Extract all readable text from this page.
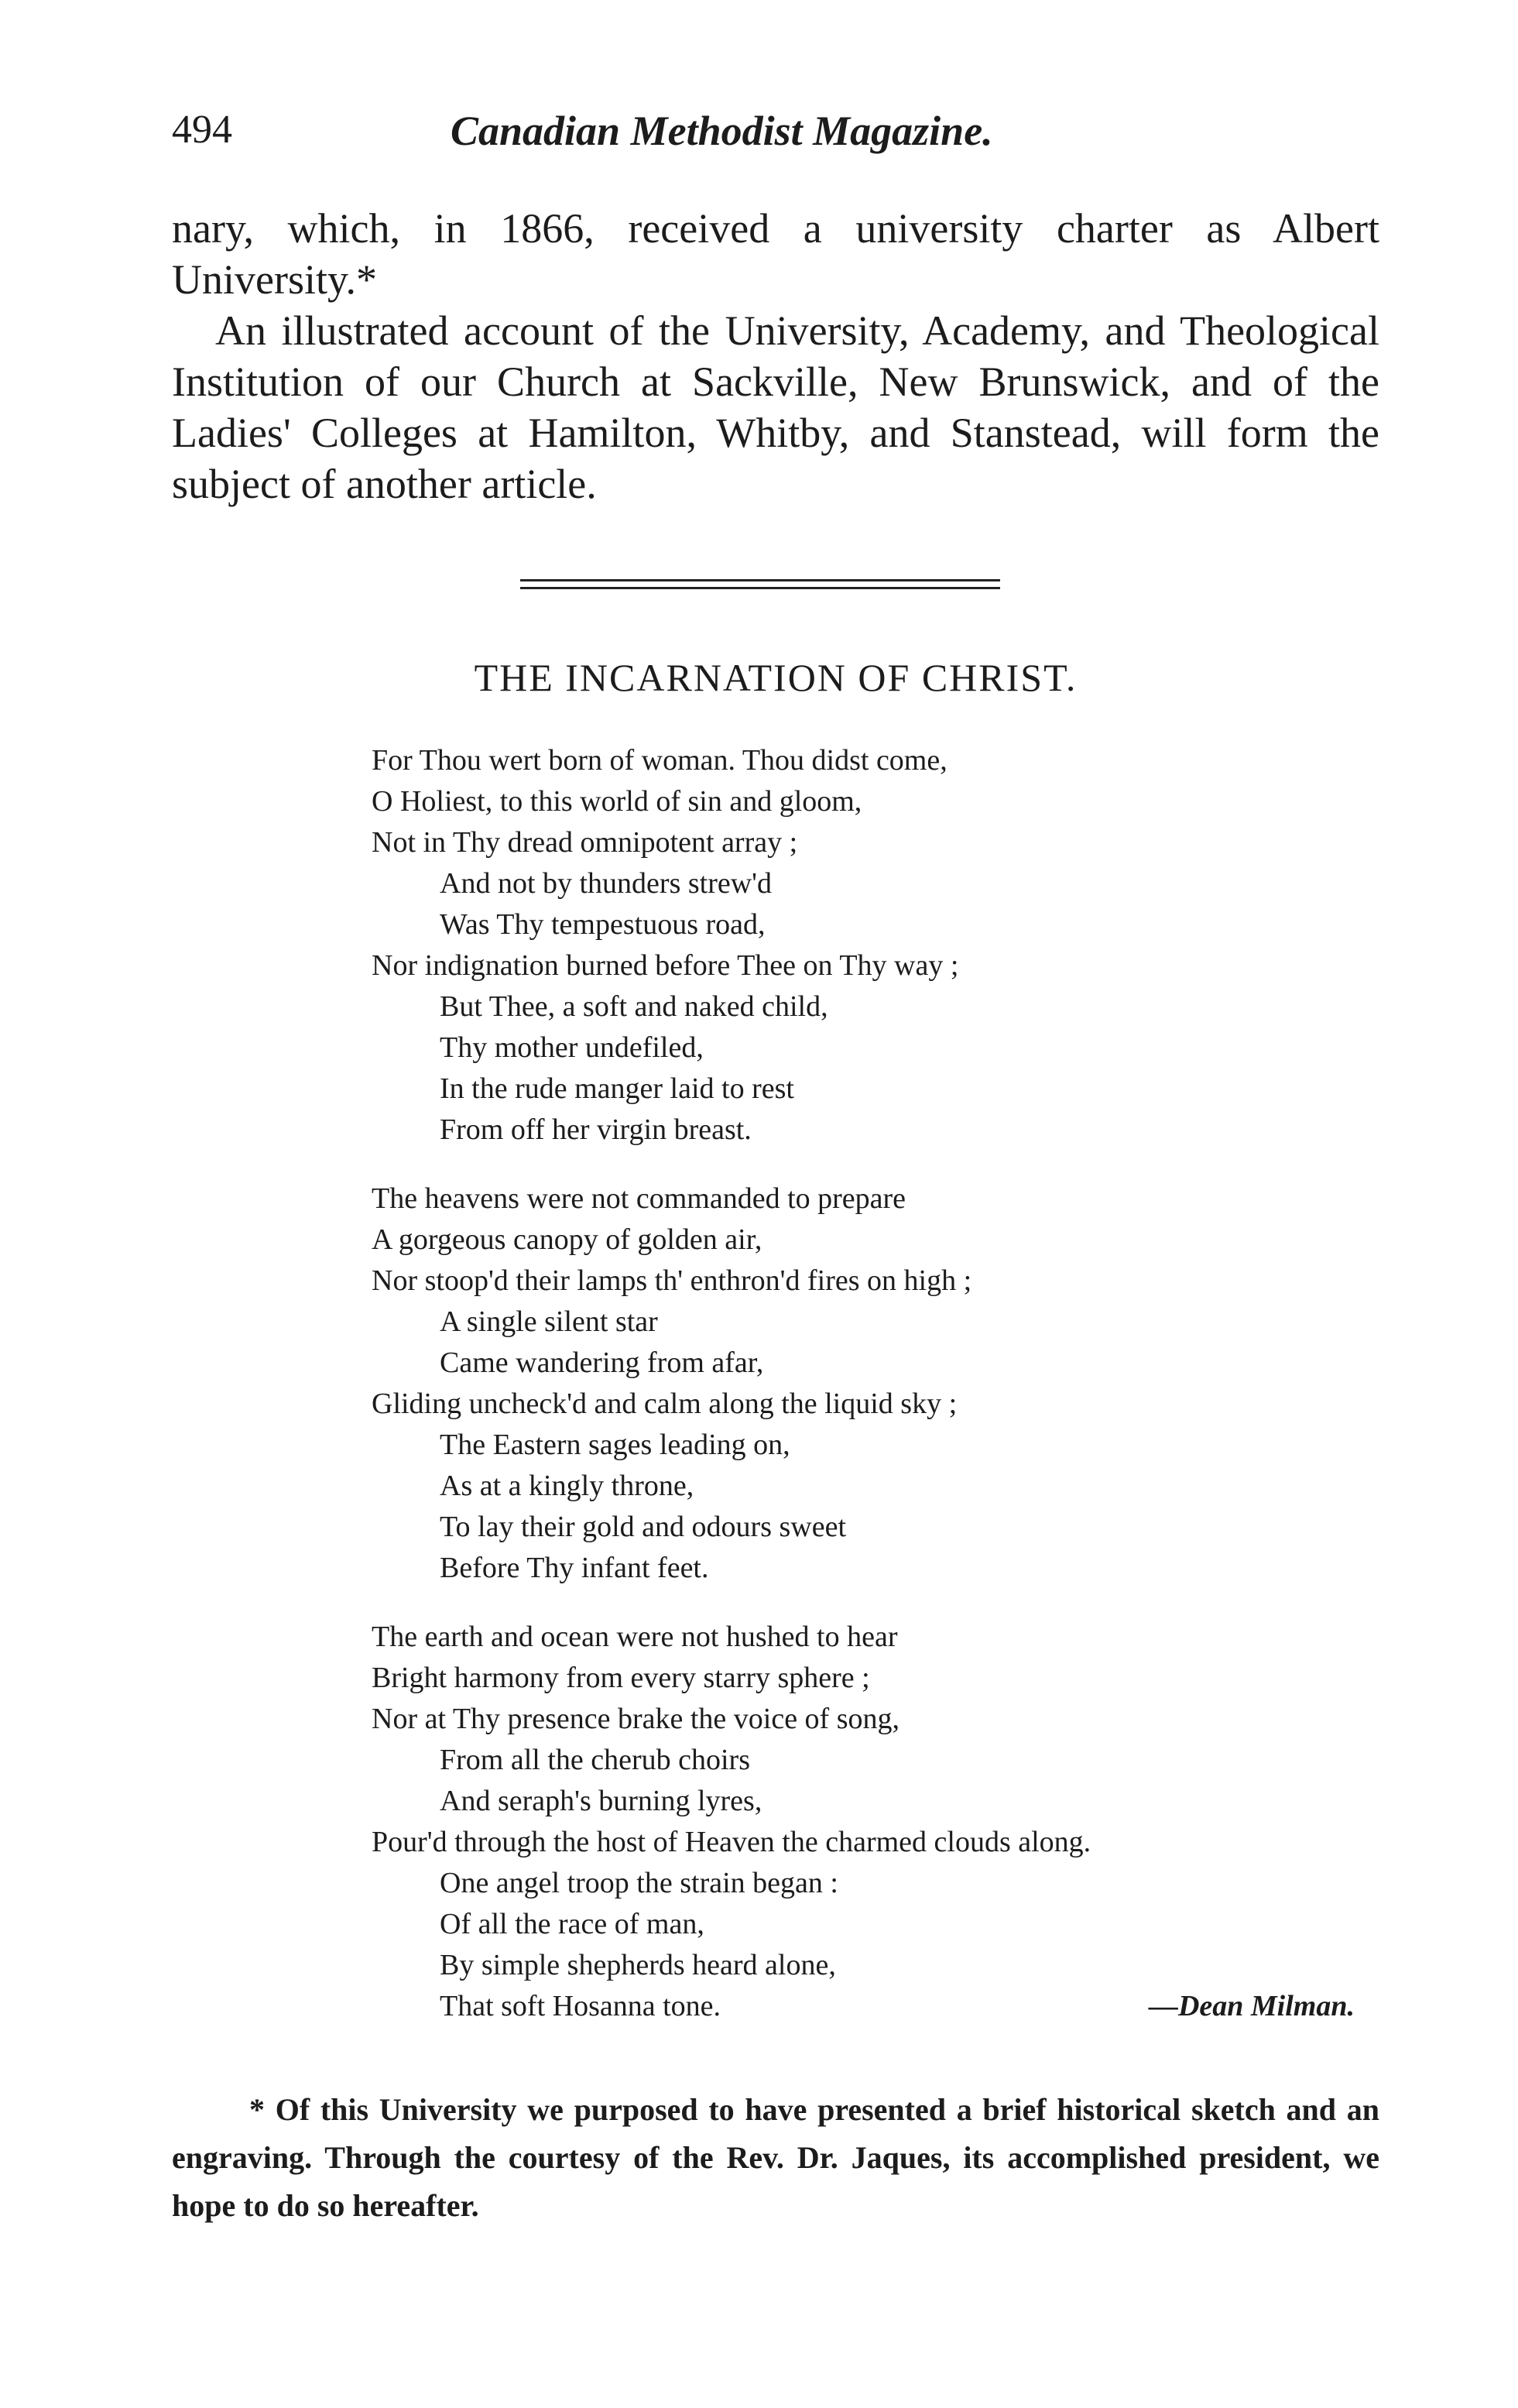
494	Canadian Methodist Magazine.

nary, which, in 1866, received a university charter as Albert University.*

An illustrated account of the University, Academy, and Theological Institution of our Church at Sackville, New Brunswick, and of the Ladies' Colleges at Hamilton, Whitby, and Stanstead, will form the subject of another article.

THE INCARNATION OF CHRIST.
For Thou wert born of woman. Thou didst come,
O Holiest, to this world of sin and gloom,
Not in Thy dread omnipotent array ;
And not by thunders strew'd
Was Thy tempestuous road,
Nor indignation burned before Thee on Thy way ;
But Thee, a soft and naked child,
Thy mother undefiled,
In the rude manger laid to rest
From off her virgin breast.
The heavens were not commanded to prepare
A gorgeous canopy of golden air,
Nor stoop'd their lamps th' enthron'd fires on high ;
A single silent star
Came wandering from afar,
Gliding uncheck'd and calm along the liquid sky ;
The Eastern sages leading on,
As at a kingly throne,
To lay their gold and odours sweet
Before Thy infant feet.
The earth and ocean were not hushed to hear
Bright harmony from every starry sphere ;
Nor at Thy presence brake the voice of song,
From all the cherub choirs
And seraph's burning lyres,
Pour'd through the host of Heaven the charmed clouds along.
One angel troop the strain began :
Of all the race of man,
By simple shepherds heard alone,
That soft Hosanna tone.	—Dean Milman.
* Of this University we purposed to have presented a brief historical sketch and an engraving. Through the courtesy of the Rev. Dr. Jaques, its accomplished president, we hope to do so hereafter.
